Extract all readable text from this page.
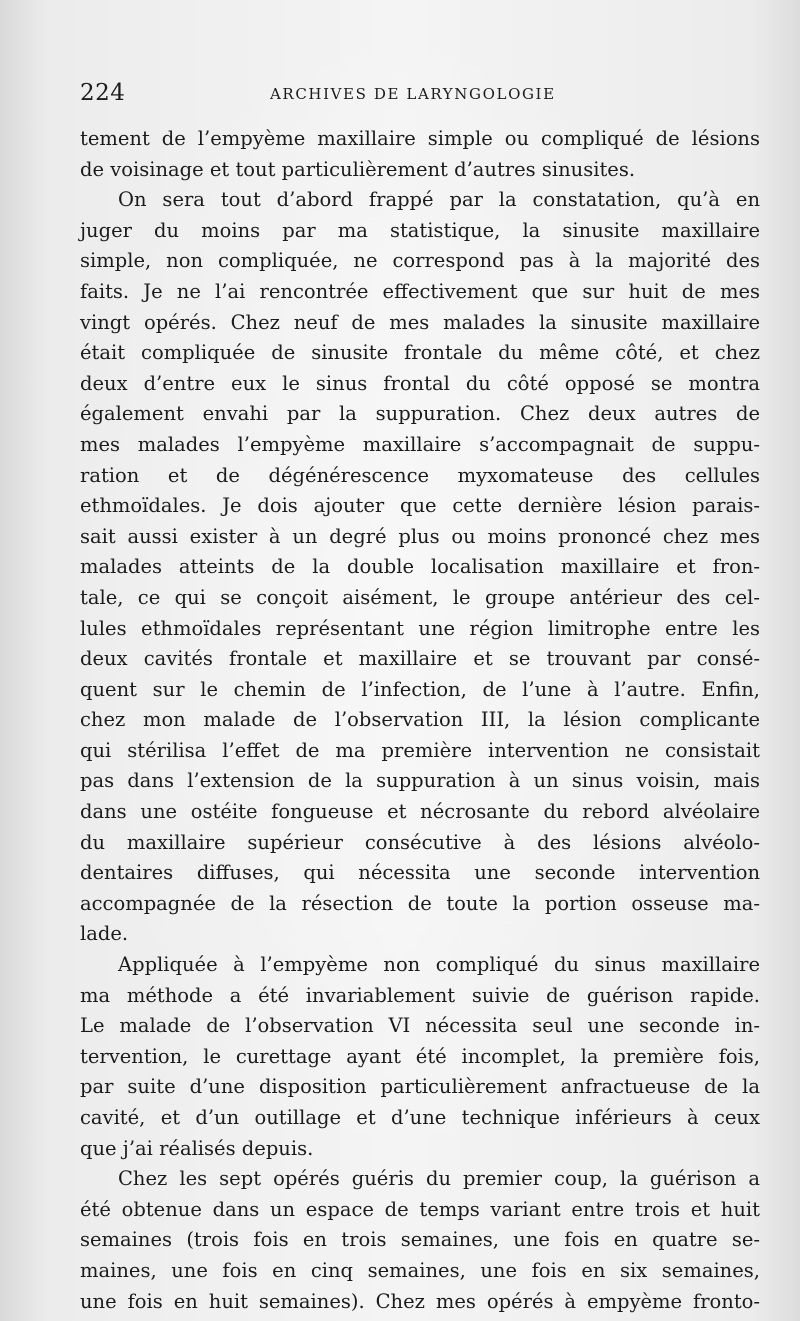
224	ARCHIVES DE LARYNGOLOGIE
tement de l’empyème maxillaire simple ou compliqué de lésions
de voisinage et tout particulièrement d’autres sinusites.
On sera tout d’abord frappé par la constatation, qu’à en
juger du moins par ma statistique, la sinusite maxillaire
simple, non compliquée, ne correspond pas à la majorité des
faits. Je ne l’ai rencontrée effectivement que sur huit de mes
vingt opérés. Chez neuf de mes malades la sinusite maxillaire
était compliquée de sinusite frontale du même côté, et chez
deux d’entre eux le sinus frontal du côté opposé se montra
également envahi par la suppuration. Chez deux autres de
mes malades l’empyème maxillaire s’accompagnait de suppu-
ration et de dégénérescence myxomateuse des cellules
ethmoïdales. Je dois ajouter que cette dernière lésion parais-
sait aussi exister à un degré plus ou moins prononcé chez mes
malades atteints de la double localisation maxillaire et fron-
tale, ce qui se conçoit aisément, le groupe antérieur des cel-
lules ethmoïdales représentant une région limitrophe entre les
deux cavités frontale et maxillaire et se trouvant par consé-
quent sur le chemin de l’infection, de l’une à l’autre. Enfin,
chez mon malade de l’observation III, la lésion complicante
qui stérilisa l’effet de ma première intervention ne consistait
pas dans l’extension de la suppuration à un sinus voisin, mais
dans une ostéite fongueuse et nécrosante du rebord alvéolaire
du maxillaire supérieur consécutive à des lésions alvéolo-
dentaires diffuses, qui nécessita une seconde intervention
accompagnée de la résection de toute la portion osseuse ma-
lade.
Appliquée à l’empyème non compliqué du sinus maxillaire
ma méthode a été invariablement suivie de guérison rapide.
Le malade de l’observation VI nécessita seul une seconde in-
tervention, le curettage ayant été incomplet, la première fois,
par suite d’une disposition particulièrement anfractueuse de la
cavité, et d’un outillage et d’une technique inférieurs à ceux
que j’ai réalisés depuis.
Chez les sept opérés guéris du premier coup, la guérison a
été obtenue dans un espace de temps variant entre trois et huit
semaines (trois fois en trois semaines, une fois en quatre se-
maines, une fois en cinq semaines, une fois en six semaines,
une fois en huit semaines). Chez mes opérés à empyème fronto-
